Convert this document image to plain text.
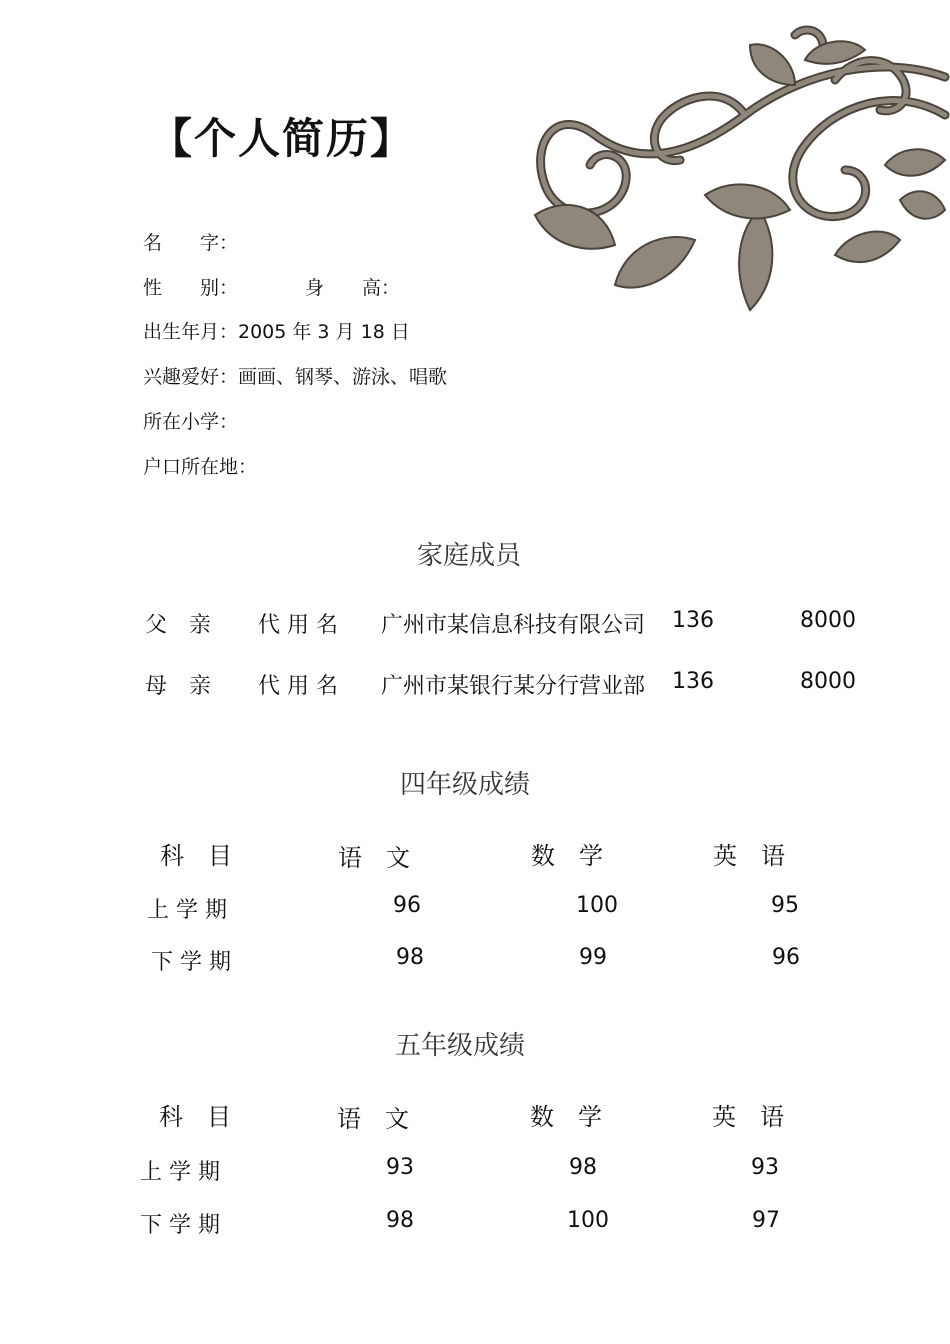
【个人简历】
名　　字：
性　　别：	身　　高：
出生年月：2005 年 3 月 18 日
兴趣爱好：画画、钢琴、游泳、唱歌
所在小学：
户口所在地：
家庭成员
父　亲 代 用 名 广州市某信息科技有限公司 136	8000
母　亲 代 用 名 广州市某银行某分行营业部 136	8000
四年级成绩
科　目	语　文	数　学	英　语
上 学 期	96	100	95
下 学 期	98	99	96
五年级成绩
科　目	语　文	数　学	英　语
上 学 期	93	98	93
下 学 期	98	100	97
